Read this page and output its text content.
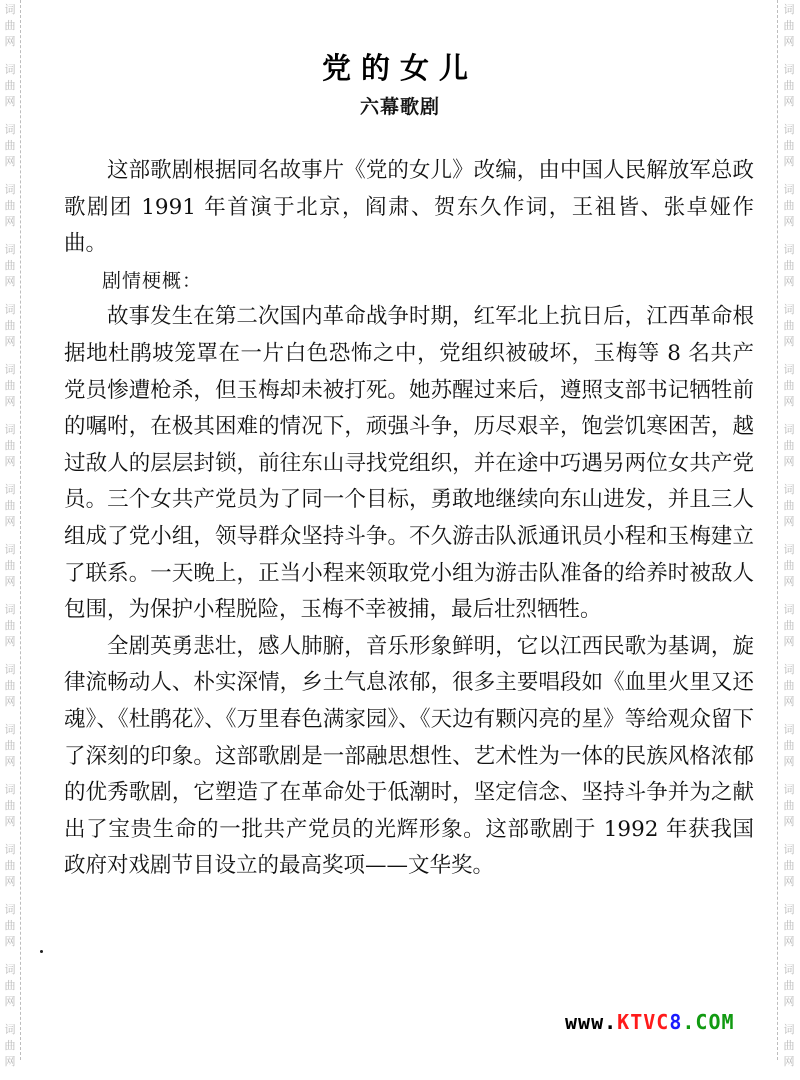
词
曲
网
词
曲
网
词
曲
网
词
曲
网
词
曲
网
词
曲
网
词
曲
网
词
曲
网
词
曲
网
词
曲
网
词
曲
网
词
曲
网
词
曲
网
词
曲
网
词
曲
网
词
曲
网
词
曲
网
词
曲
网
词
曲
网
词
曲
网
词
曲
网
词
曲
网
词
曲
网
词
曲
网
词
曲
网
词
曲
网
词
曲
网
词
曲
网
词
曲
网
词
曲
网
词
曲
网
词
曲
网
词
曲
网
词
曲
网
词
曲
网
词
曲
网
党的女儿
六幕歌剧

这部歌剧根据同名故事片《党的女儿》改编，由中国人民解放军总政歌剧团 1991 年首演于北京，阎肃、贺东久作词，王祖皆、张卓娅作曲。

剧情梗概：

故事发生在第二次国内革命战争时期，红军北上抗日后，江西革命根据地杜鹃坡笼罩在一片白色恐怖之中，党组织被破坏，玉梅等 8 名共产党员惨遭枪杀，但玉梅却未被打死。她苏醒过来后，遵照支部书记牺牲前的嘱咐，在极其困难的情况下，顽强斗争，历尽艰辛，饱尝饥寒困苦，越过敌人的层层封锁，前往东山寻找党组织，并在途中巧遇另两位女共产党员。三个女共产党员为了同一个目标，勇敢地继续向东山进发，并且三人组成了党小组，领导群众坚持斗争。不久游击队派通讯员小程和玉梅建立了联系。一天晚上，正当小程来领取党小组为游击队准备的给养时被敌人包围，为保护小程脱险，玉梅不幸被捕，最后壮烈牺牲。

全剧英勇悲壮，感人肺腑，音乐形象鲜明，它以江西民歌为基调，旋律流畅动人、朴实深情，乡土气息浓郁，很多主要唱段如《血里火里又还魂》、《杜鹃花》、《万里春色满家园》、《天边有颗闪亮的星》等给观众留下了深刻的印象。这部歌剧是一部融思想性、艺术性为一体的民族风格浓郁的优秀歌剧，它塑造了在革命处于低潮时，坚定信念、坚持斗争并为之献出了宝贵生命的一批共产党员的光辉形象。这部歌剧于 1992 年获我国政府对戏剧节目设立的最高奖项——文华奖。

www.KTVC8.COM
